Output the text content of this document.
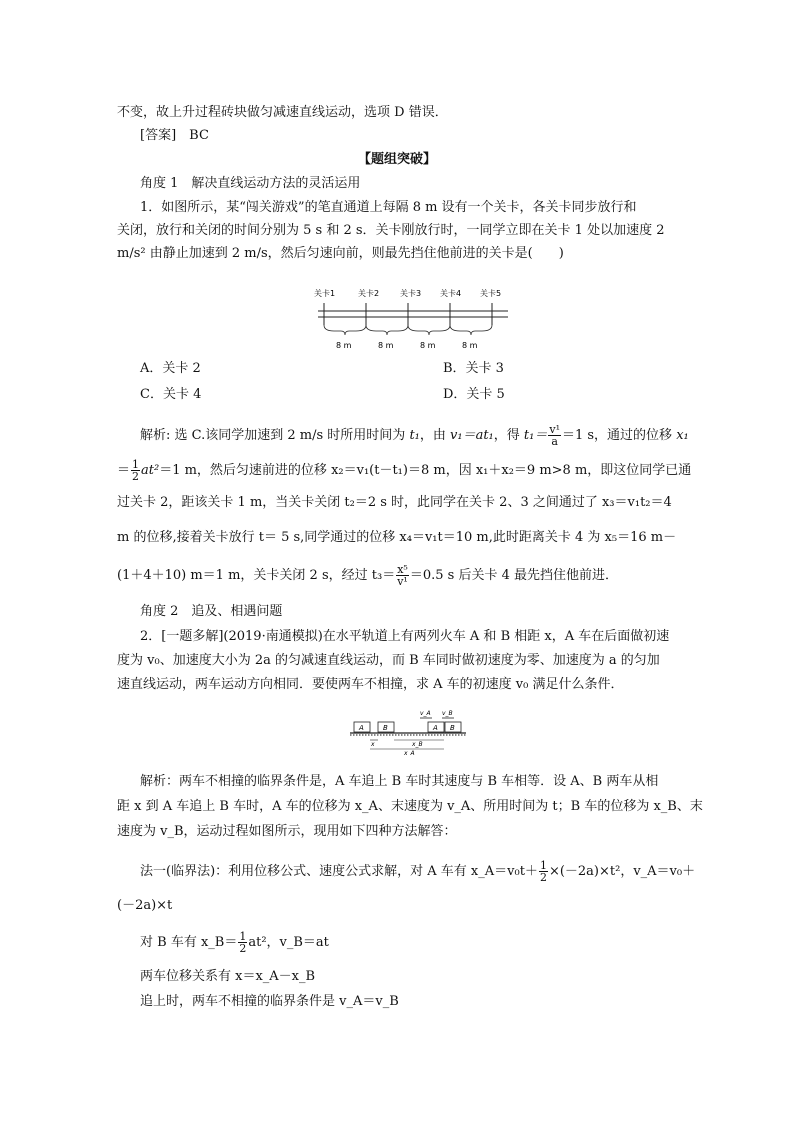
不变，故上升过程砖块做匀减速直线运动，选项 D 错误．
[答案]　BC
【题组突破】
角度 1　解决直线运动方法的灵活运用
1．如图所示，某“闯关游戏”的笔直通道上每隔 8 m 设有一个关卡，各关卡同步放行和
关闭，放行和关闭的时间分别为 5 s 和 2 s．关卡刚放行时，一同学立即在关卡 1 处以加速度 2
m/s² 由静止加速到 2 m/s，然后匀速向前，则最先挡住他前进的关卡是(　　)
关卡1	关卡2	关卡3 关卡4 关卡5
8 m	8 m	8 m	8 m
A．关卡 2	B．关卡 3
C．关卡 4	D．关卡 5
解析: 选 C.该同学加速到 2 m/s 时所用时间为 t₁，由 v₁＝at₁，得 $t_1= \frac{\text{v¹}}{a} =1$ s，通过的位移 x₁
＝ $\frac{1}{2} at^2=1$ m，然后匀速前进的位移 x₂＝v₁(t－t₁)＝8 m，因 x₁＋x₂＝9 m>8 m，即这位同学已通
过关卡 2，距该关卡 1 m，当关卡关闭 t₂＝2 s 时，此同学在关卡 2、3 之间通过了 x₃＝v₁t₂＝4
m 的位移,接着关卡放行 t＝ 5 s,同学通过的位移 x₄＝v₁t＝10 m,此时距离关卡 4 为 x₅＝16 m－
(1＋4＋10) m＝1 m，关卡关闭 2 s，经过 $t_3= \frac{\text{x⁵}}{\text{v¹}} =0.5$ s 后关卡 4 最先挡住他前进．
角度 2　追及、相遇问题
2．[一题多解](2019·南通模拟)在水平轨道上有两列火车 A 和 B 相距 x，A 车在后面做初速
度为 v₀、加速度大小为 2a 的匀减速直线运动，而 B 车同时做初速度为零、加速度为 a 的匀加
速直线运动，两车运动方向相同．要使两车不相撞，求 A 车的初速度 v₀ 满足什么条件．
v_A v_B
A	B	A B
x	x_B
x_A
解析：两车不相撞的临界条件是，A 车追上 B 车时其速度与 B 车相等．设 A、B 两车从相
距 x 到 A 车追上 B 车时，A 车的位移为 x_A、末速度为 v_A、所用时间为 t；B 车的位移为 x_B、末
速度为 v_B，运动过程如图所示，现用如下四种方法解答：
法一(临界法)：利用位移公式、速度公式求解，对 A 车有 x_A＝v₀t＋ $\frac{1}{2} \times(-2a)\times t^2$，v_A＝v₀＋
(－2a)×t
对 B 车有 x_B＝ $\frac{1}{2} at^2$，v_B＝at
两车位移关系有 x＝x_A－x_B
追上时，两车不相撞的临界条件是 v_A＝v_B
